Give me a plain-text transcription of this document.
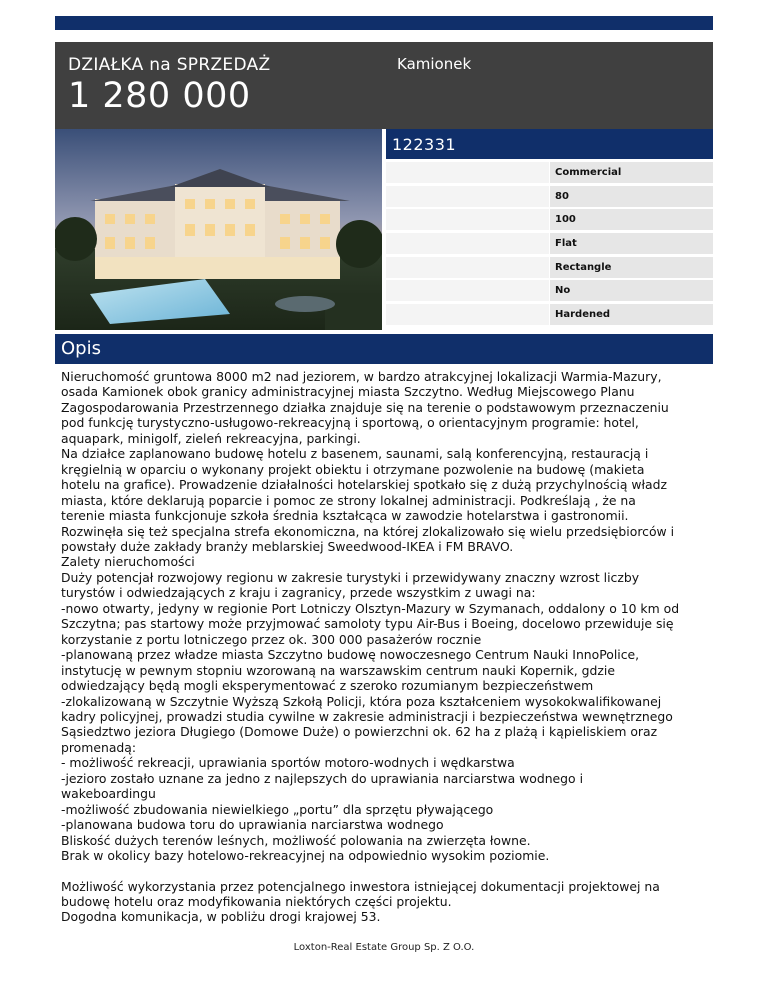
DZIAŁKA na SPRZEDAŻ
1 280 000
Kamionek
122331
Commercial
80
100
Flat
Rectangle
No
Hardened
Opis

Nieruchomość gruntowa 8000 m2 nad jeziorem, w bardzo atrakcyjnej lokalizacji Warmia-Mazury,

osada Kamionek obok granicy administracyjnej miasta Szczytno. Według Miejscowego Planu

Zagospodarowania Przestrzennego działka znajduje się na terenie o podstawowym przeznaczeniu

pod funkcję turystyczno-usługowo-rekreacyjną i sportową, o orientacyjnym programie: hotel,

aquapark, minigolf, zieleń rekreacyjna, parkingi.

Na działce zaplanowano budowę hotelu z basenem, saunami, salą konferencyjną, restauracją i

kręgielnią w oparciu o wykonany projekt obiektu i otrzymane pozwolenie na budowę (makieta

hotelu na grafice). Prowadzenie działalności hotelarskiej spotkało się z dużą przychylnością władz

miasta, które deklarują poparcie i pomoc ze strony lokalnej administracji. Podkreślają , że na

terenie miasta funkcjonuje szkoła średnia kształcąca w zawodzie hotelarstwa i gastronomii.

Rozwinęła się też specjalna strefa ekonomiczna, na której zlokalizowało się wielu przedsiębiorców i

powstały duże zakłady branży meblarskiej Sweedwood-IKEA i FM BRAVO.

Zalety nieruchomości

Duży potencjał rozwojowy regionu w zakresie turystyki i przewidywany znaczny wzrost liczby

turystów i odwiedzających z kraju i zagranicy, przede wszystkim z uwagi na:

-nowo otwarty, jedyny w regionie Port Lotniczy Olsztyn-Mazury w Szymanach, oddalony o 10 km od

Szczytna; pas startowy może przyjmować samoloty typu Air-Bus i Boeing, docelowo przewiduje się

korzystanie z portu lotniczego przez ok. 300 000 pasażerów rocznie

-planowaną przez władze miasta Szczytno budowę nowoczesnego Centrum Nauki InnoPolice,

instytucję w pewnym stopniu wzorowaną na warszawskim centrum nauki Kopernik, gdzie

odwiedzający będą mogli eksperymentować z szeroko rozumianym bezpieczeństwem

-zlokalizowaną w Szczytnie Wyższą Szkołą Policji, która poza kształceniem wysokokwalifikowanej

kadry policyjnej, prowadzi studia cywilne w zakresie administracji i bezpieczeństwa wewnętrznego

Sąsiedztwo jeziora Długiego (Domowe Duże) o powierzchni ok. 62 ha z plażą i kąpieliskiem oraz

promenadą:

- możliwość rekreacji, uprawiania sportów motoro-wodnych i wędkarstwa

-jezioro zostało uznane za jedno z najlepszych do uprawiania narciarstwa wodnego i

wakeboardingu

-możliwość zbudowania niewielkiego „portu” dla sprzętu pływającego

-planowana budowa toru do uprawiania narciarstwa wodnego

Bliskość dużych terenów leśnych, możliwość polowania na zwierzęta łowne.

Brak w okolicy bazy hotelowo-rekreacyjnej na odpowiednio wysokim poziomie.

Możliwość wykorzystania przez potencjalnego inwestora istniejącej dokumentacji projektowej na

budowę hotelu oraz modyfikowania niektórych części projektu.

Dogodna komunikacja, w pobliżu drogi krajowej 53.

Loxton-Real Estate Group Sp. Z O.O.
